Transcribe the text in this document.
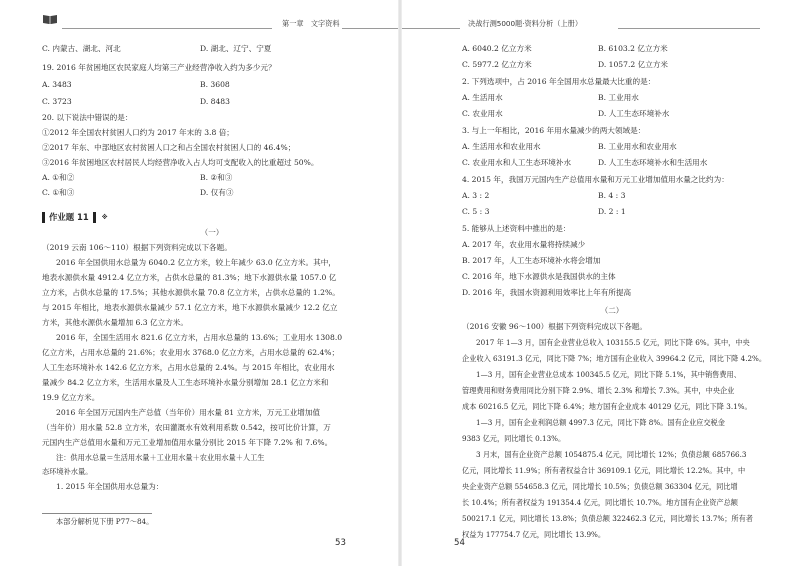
第一章　文字资料
C. 内蒙古、湖北、河北	D. 湖北、辽宁、宁夏
19. 2016 年贫困地区农民家庭人均第三产业经营净收入约为多少元？
A. 3483	B. 3608
C. 3723	D. 8483
20. 以下说法中错误的是：
①2012 年全国农村贫困人口约为 2017 年末的 3.8 倍；
②2017 年东、中部地区农村贫困人口之和占全国农村贫困人口的 46.4%；
③2016 年贫困地区农村居民人均经营净收入占人均可支配收入的比重超过 50%。
A. ①和②	B. ②和③
C. ①和③	D. 仅有③
作业题 11 ※
（一）
（2019 云南 106～110）根据下列资料完成以下各题。
2016 年全国供用水总量为 6040.2 亿立方米，较上年减少 63.0 亿立方米。其中，
地表水源供水量 4912.4 亿立方米，占供水总量的 81.3%；地下水源供水量 1057.0 亿
立方米，占供水总量的 17.5%；其他水源供水量 70.8 亿立方米，占供水总量的 1.2%。
与 2015 年相比，地表水源供水量减少 57.1 亿立方米，地下水源供水量减少 12.2 亿立
方米，其他水源供水量增加 6.3 亿立方米。
2016 年，全国生活用水 821.6 亿立方米，占用水总量的 13.6%；工业用水 1308.0
亿立方米，占用水总量的 21.6%；农业用水 3768.0 亿立方米，占用水总量的 62.4%；
人工生态环境补水 142.6 亿立方米，占用水总量的 2.4%。与 2015 年相比，农业用水
量减少 84.2 亿立方米，生活用水量及人工生态环境补水量分别增加 28.1 亿立方米和
19.9 亿立方米。
2016 年全国万元国内生产总值（当年价）用水量 81 立方米，万元工业增加值
（当年价）用水量 52.8 立方米，农田灌溉水有效利用系数 0.542，按可比价计算，万
元国内生产总值用水量和万元工业增加值用水量分别比 2015 年下降 7.2% 和 7.6%。
注：供用水总量＝生活用水量＋工业用水量＋农业用水量＋人工生
态环境补水量。
1. 2015 年全国供用水总量为：
本部分解析见下册 P77～84。
53
决战行测5000题·资料分析（上册）
A. 6040.2 亿立方米	B. 6103.2 亿立方米
C. 5977.2 亿立方米	D. 1057.2 亿立方米
2. 下列选项中，占 2016 年全国用水总量最大比重的是：
A. 生活用水	B. 工业用水
C. 农业用水	D. 人工生态环境补水
3. 与上一年相比，2016 年用水量减少的两大领域是：
A. 生活用水和农业用水	B. 工业用水和农业用水
C. 农业用水和人工生态环境补水	D. 人工生态环境补水和生活用水
4. 2015 年，我国万元国内生产总值用水量和万元工业增加值用水量之比约为：
A. 3 : 2	B. 4 : 3
C. 5 : 3	D. 2 : 1
5. 能够从上述资料中推出的是：
A. 2017 年，农业用水量将持续减少
B. 2017 年，人工生态环境补水将会增加
C. 2016 年，地下水源供水是我国供水的主体
D. 2016 年，我国水资源利用效率比上年有所提高
（二）
（2016 安徽 96～100）根据下列资料完成以下各题。
2017 年 1—3 月，国有企业营业总收入 103155.5 亿元，同比下降 6%。其中，中央
企业收入 63191.3 亿元，同比下降 7%；地方国有企业收入 39964.2 亿元，同比下降 4.2%。
1—3 月，国有企业营业总成本 100345.5 亿元，同比下降 5.1%，其中销售费用、
管理费用和财务费用同比分别下降 2.9%、增长 2.3% 和增长 7.3%。其中，中央企业
成本 60216.5 亿元，同比下降 6.4%；地方国有企业成本 40129 亿元，同比下降 3.1%。
1—3 月，国有企业利润总额 4997.3 亿元，同比下降 8%。国有企业应交税金
9383 亿元，同比增长 0.13%。
3 月末，国有企业资产总额 1054875.4 亿元，同比增长 12%；负债总额 685766.3
亿元，同比增长 11.9%；所有者权益合计 369109.1 亿元，同比增长 12.2%。其中，中
央企业资产总额 554658.3 亿元，同比增长 10.5%；负债总额 363304 亿元，同比增
长 10.4%；所有者权益为 191354.4 亿元，同比增长 10.7%。地方国有企业资产总额
500217.1 亿元，同比增长 13.8%；负债总额 322462.3 亿元，同比增长 13.7%；所有者
权益为 177754.7 亿元，同比增长 13.9%。
54
